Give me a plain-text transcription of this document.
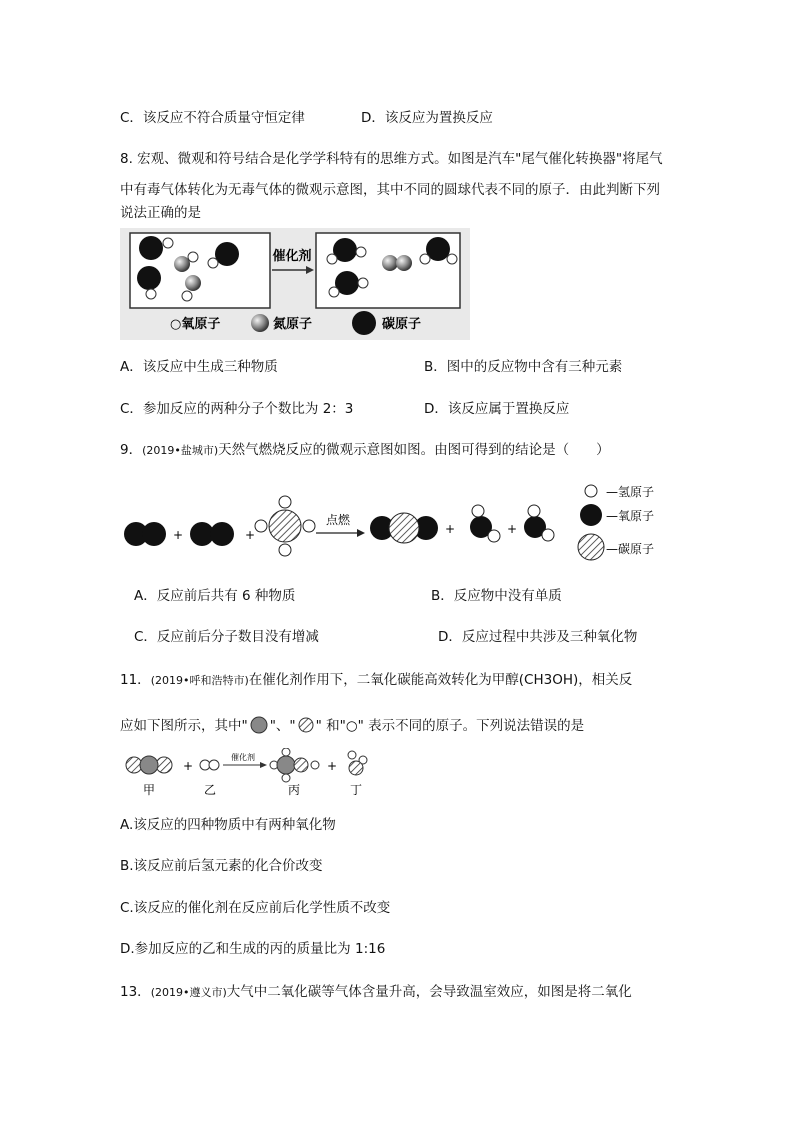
C．该反应不符合质量守恒定律	D．该反应为置换反应
8. 宏观、微观和符号结合是化学学科特有的思维方式。如图是汽车"尾气催化转换器"将尾气
中有毒气体转化为无毒气体的微观示意图，其中不同的圆球代表不同的原子．由此判断下列
说法正确的是
催化剂
○氧原子	氮原子	碳原子
A．该反应中生成三种物质	B．图中的反应物中含有三种元素
C．参加反应的两种分子个数比为 2：3	D．该反应属于置换反应
9．(2019•盐城市)天然气燃烧反应的微观示意图如图。由图可得到的结论是（　　）
+	+
点燃
+	+
—氢原子
—氧原子
—碳原子
A．反应前后共有 6 种物质	B．反应物中没有单质
C．反应前后分子数目没有增减	D．反应过程中共涉及三种氧化物
11．(2019•呼和浩特市)在催化剂作用下，二氧化碳能高效转化为甲醇(CH3OH)，相关反
应如下图所示，其中" "、" " 和"○" 表示不同的原子。下列说法错误的是
+
催化剂
+
甲	乙	丙	丁
A.该反应的四种物质中有两种氧化物
B.该反应前后氢元素的化合价改变
C.该反应的催化剂在反应前后化学性质不改变
D.参加反应的乙和生成的丙的质量比为 1:16
13．(2019•遵义市)大气中二氧化碳等气体含量升高，会导致温室效应，如图是将二氧化
